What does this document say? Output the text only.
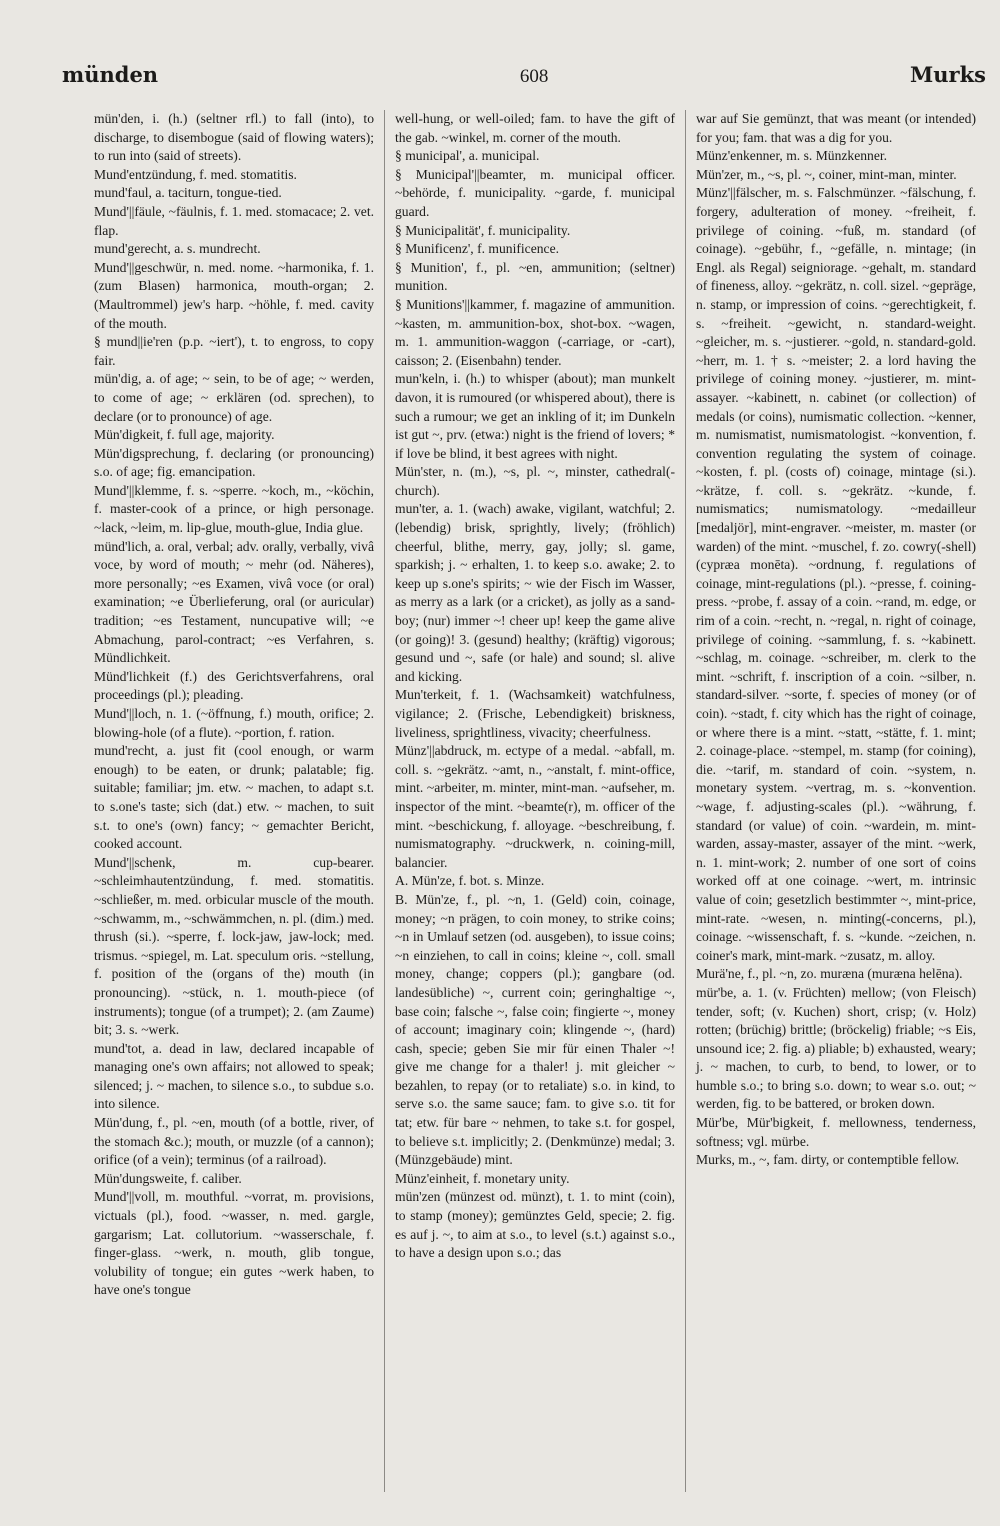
münden	608	Murks

mün'den, i. (h.) (seltner rfl.) to fall (into), to discharge, to disembogue (said of flowing waters); to run into (said of streets).

Mund'entzündung, f. med. stomatitis.

mund'faul, a. taciturn, tongue-tied.

Mund'||fäule, ~fäulnis, f. 1. med. stomacace; 2. vet. flap.

mund'gerecht, a. s. mundrecht.

Mund'||geschwür, n. med. nome. ~harmonika, f. 1. (zum Blasen) harmonica, mouth-organ; 2. (Maultrommel) jew's harp. ~höhle, f. med. cavity of the mouth.

§ mund||ie'ren (p.p. ~iert'), t. to engross, to copy fair.

mün'dig, a. of age; ~ sein, to be of age; ~ werden, to come of age; ~ erklären (od. sprechen), to declare (or to pronounce) of age.

Mün'digkeit, f. full age, majority.

Mün'digsprechung, f. declaring (or pronouncing) s.o. of age; fig. emancipation.

Mund'||klemme, f. s. ~sperre. ~koch, m., ~köchin, f. master-cook of a prince, or high personage. ~lack, ~leim, m. lip-glue, mouth-glue, India glue.

münd'lich, a. oral, verbal; adv. orally, verbally, vivâ voce, by word of mouth; ~ mehr (od. Näheres), more personally; ~es Examen, vivâ voce (or oral) examination; ~e Überlieferung, oral (or auricular) tradition; ~es Testament, nuncupative will; ~e Abmachung, parol-contract; ~es Verfahren, s. Mündlichkeit.

Münd'lichkeit (f.) des Gerichtsverfahrens, oral proceedings (pl.); pleading.

Mund'||loch, n. 1. (~öffnung, f.) mouth, orifice; 2. blowing-hole (of a flute). ~portion, f. ration.

mund'recht, a. just fit (cool enough, or warm enough) to be eaten, or drunk; palatable; fig. suitable; familiar; jm. etw. ~ machen, to adapt s.t. to s.one's taste; sich (dat.) etw. ~ machen, to suit s.t. to one's (own) fancy; ~ gemachter Bericht, cooked account.

Mund'||schenk, m. cup-bearer. ~schleimhautentzündung, f. med. stomatitis. ~schließer, m. med. orbicular muscle of the mouth. ~schwamm, m., ~schwämmchen, n. pl. (dim.) med. thrush (si.). ~sperre, f. lock-jaw, jaw-lock; med. trismus. ~spiegel, m. Lat. speculum oris. ~stellung, f. position of the (organs of the) mouth (in pronouncing). ~stück, n. 1. mouth-piece (of instruments); tongue (of a trumpet); 2. (am Zaume) bit; 3. s. ~werk.

mund'tot, a. dead in law, declared incapable of managing one's own affairs; not allowed to speak; silenced; j. ~ machen, to silence s.o., to subdue s.o. into silence.

Mün'dung, f., pl. ~en, mouth (of a bottle, river, of the stomach &c.); mouth, or muzzle (of a cannon); orifice (of a vein); terminus (of a railroad).

Mün'dungsweite, f. caliber.

Mund'||voll, m. mouthful. ~vorrat, m. provisions, victuals (pl.), food. ~wasser, n. med. gargle, gargarism; Lat. collutorium. ~wasserschale, f. finger-glass. ~werk, n. mouth, glib tongue, volubility of tongue; ein gutes ~werk haben, to have one's tongue

well-hung, or well-oiled; fam. to have the gift of the gab. ~winkel, m. corner of the mouth.

§ municipal', a. municipal.

§ Municipal'||beamter, m. municipal officer. ~behörde, f. municipality. ~garde, f. municipal guard.

§ Municipalität', f. municipality.

§ Munificenz', f. munificence.

§ Munition', f., pl. ~en, ammunition; (seltner) munition.

§ Munitions'||kammer, f. magazine of ammunition. ~kasten, m. ammunition-box, shot-box. ~wagen, m. 1. ammunition-waggon (-carriage, or -cart), caisson; 2. (Eisenbahn) tender.

mun'keln, i. (h.) to whisper (about); man munkelt davon, it is rumoured (or whispered about), there is such a rumour; we get an inkling of it; im Dunkeln ist gut ~, prv. (etwa:) night is the friend of lovers; * if love be blind, it best agrees with night.

Mün'ster, n. (m.), ~s, pl. ~, minster, cathedral(-church).

mun'ter, a. 1. (wach) awake, vigilant, watchful; 2. (lebendig) brisk, sprightly, lively; (fröhlich) cheerful, blithe, merry, gay, jolly; sl. game, sparkish; j. ~ erhalten, 1. to keep s.o. awake; 2. to keep up s.one's spirits; ~ wie der Fisch im Wasser, as merry as a lark (or a cricket), as jolly as a sand-boy; (nur) immer ~! cheer up! keep the game alive (or going)! 3. (gesund) healthy; (kräftig) vigorous; gesund und ~, safe (or hale) and sound; sl. alive and kicking.

Mun'terkeit, f. 1. (Wachsamkeit) watchfulness, vigilance; 2. (Frische, Lebendigkeit) briskness, liveliness, sprightliness, vivacity; cheerfulness.

Münz'||abdruck, m. ectype of a medal. ~abfall, m. coll. s. ~gekrätz. ~amt, n., ~anstalt, f. mint-office, mint. ~arbeiter, m. minter, mint-man. ~aufseher, m. inspector of the mint. ~beamte(r), m. officer of the mint. ~beschickung, f. alloyage. ~beschreibung, f. numismatography. ~druckwerk, n. coining-mill, balancier.

A. Mün'ze, f. bot. s. Minze.

B. Mün'ze, f., pl. ~n, 1. (Geld) coin, coinage, money; ~n prägen, to coin money, to strike coins; ~n in Umlauf setzen (od. ausgeben), to issue coins; ~n einziehen, to call in coins; kleine ~, coll. small money, change; coppers (pl.); gangbare (od. landesübliche) ~, current coin; geringhaltige ~, base coin; falsche ~, false coin; fingierte ~, money of account; imaginary coin; klingende ~, (hard) cash, specie; geben Sie mir für einen Thaler ~! give me change for a thaler! j. mit gleicher ~ bezahlen, to repay (or to retaliate) s.o. in kind, to serve s.o. the same sauce; fam. to give s.o. tit for tat; etw. für bare ~ nehmen, to take s.t. for gospel, to believe s.t. implicitly; 2. (Denkmünze) medal; 3. (Münzgebäude) mint.

Münz'einheit, f. monetary unity.

mün'zen (münzest od. münzt), t. 1. to mint (coin), to stamp (money); gemünztes Geld, specie; 2. fig. es auf j. ~, to aim at s.o., to level (s.t.) against s.o., to have a design upon s.o.; das

war auf Sie gemünzt, that was meant (or intended) for you; fam. that was a dig for you.

Münz'enkenner, m. s. Münzkenner.

Mün'zer, m., ~s, pl. ~, coiner, mint-man, minter.

Münz'||fälscher, m. s. Falschmünzer. ~fälschung, f. forgery, adulteration of money. ~freiheit, f. privilege of coining. ~fuß, m. standard (of coinage). ~gebühr, f., ~gefälle, n. mintage; (in Engl. als Regal) seigniorage. ~gehalt, m. standard of fineness, alloy. ~gekrätz, n. coll. sizel. ~gepräge, n. stamp, or impression of coins. ~gerechtigkeit, f. s. ~freiheit. ~gewicht, n. standard-weight. ~gleicher, m. s. ~justierer. ~gold, n. standard-gold. ~herr, m. 1. † s. ~meister; 2. a lord having the privilege of coining money. ~justierer, m. mint-assayer. ~kabinett, n. cabinet (or collection) of medals (or coins), numismatic collection. ~kenner, m. numismatist, numismatologist. ~konvention, f. convention regulating the system of coinage. ~kosten, f. pl. (costs of) coinage, mintage (si.). ~krätze, f. coll. s. ~gekrätz. ~kunde, f. numismatics; numismatology. ~medailleur [medaljör], mint-engraver. ~meister, m. master (or warden) of the mint. ~muschel, f. zo. cowry(-shell) (cypræa monēta). ~ordnung, f. regulations of coinage, mint-regulations (pl.). ~presse, f. coining-press. ~probe, f. assay of a coin. ~rand, m. edge, or rim of a coin. ~recht, n. ~regal, n. right of coinage, privilege of coining. ~sammlung, f. s. ~kabinett. ~schlag, m. coinage. ~schreiber, m. clerk to the mint. ~schrift, f. inscription of a coin. ~silber, n. standard-silver. ~sorte, f. species of money (or of coin). ~stadt, f. city which has the right of coinage, or where there is a mint. ~statt, ~stätte, f. 1. mint; 2. coinage-place. ~stempel, m. stamp (for coining), die. ~tarif, m. standard of coin. ~system, n. monetary system. ~vertrag, m. s. ~konvention. ~wage, f. adjusting-scales (pl.). ~währung, f. standard (or value) of coin. ~wardein, m. mint-warden, assay-master, assayer of the mint. ~werk, n. 1. mint-work; 2. number of one sort of coins worked off at one coinage. ~wert, m. intrinsic value of coin; gesetzlich bestimmter ~, mint-price, mint-rate. ~wesen, n. minting(-concerns, pl.), coinage. ~wissenschaft, f. s. ~kunde. ~zeichen, n. coiner's mark, mint-mark. ~zusatz, m. alloy.

Murä'ne, f., pl. ~n, zo. muræna (muræna helēna).

mür'be, a. 1. (v. Früchten) mellow; (von Fleisch) tender, soft; (v. Kuchen) short, crisp; (v. Holz) rotten; (brüchig) brittle; (bröckelig) friable; ~s Eis, unsound ice; 2. fig. a) pliable; b) exhausted, weary; j. ~ machen, to curb, to bend, to lower, or to humble s.o.; to bring s.o. down; to wear s.o. out; ~ werden, fig. to be battered, or broken down.

Mür'be, Mür'bigkeit, f. mellowness, tenderness, softness; vgl. mürbe.

Murks, m., ~, fam. dirty, or contemptible fellow.
